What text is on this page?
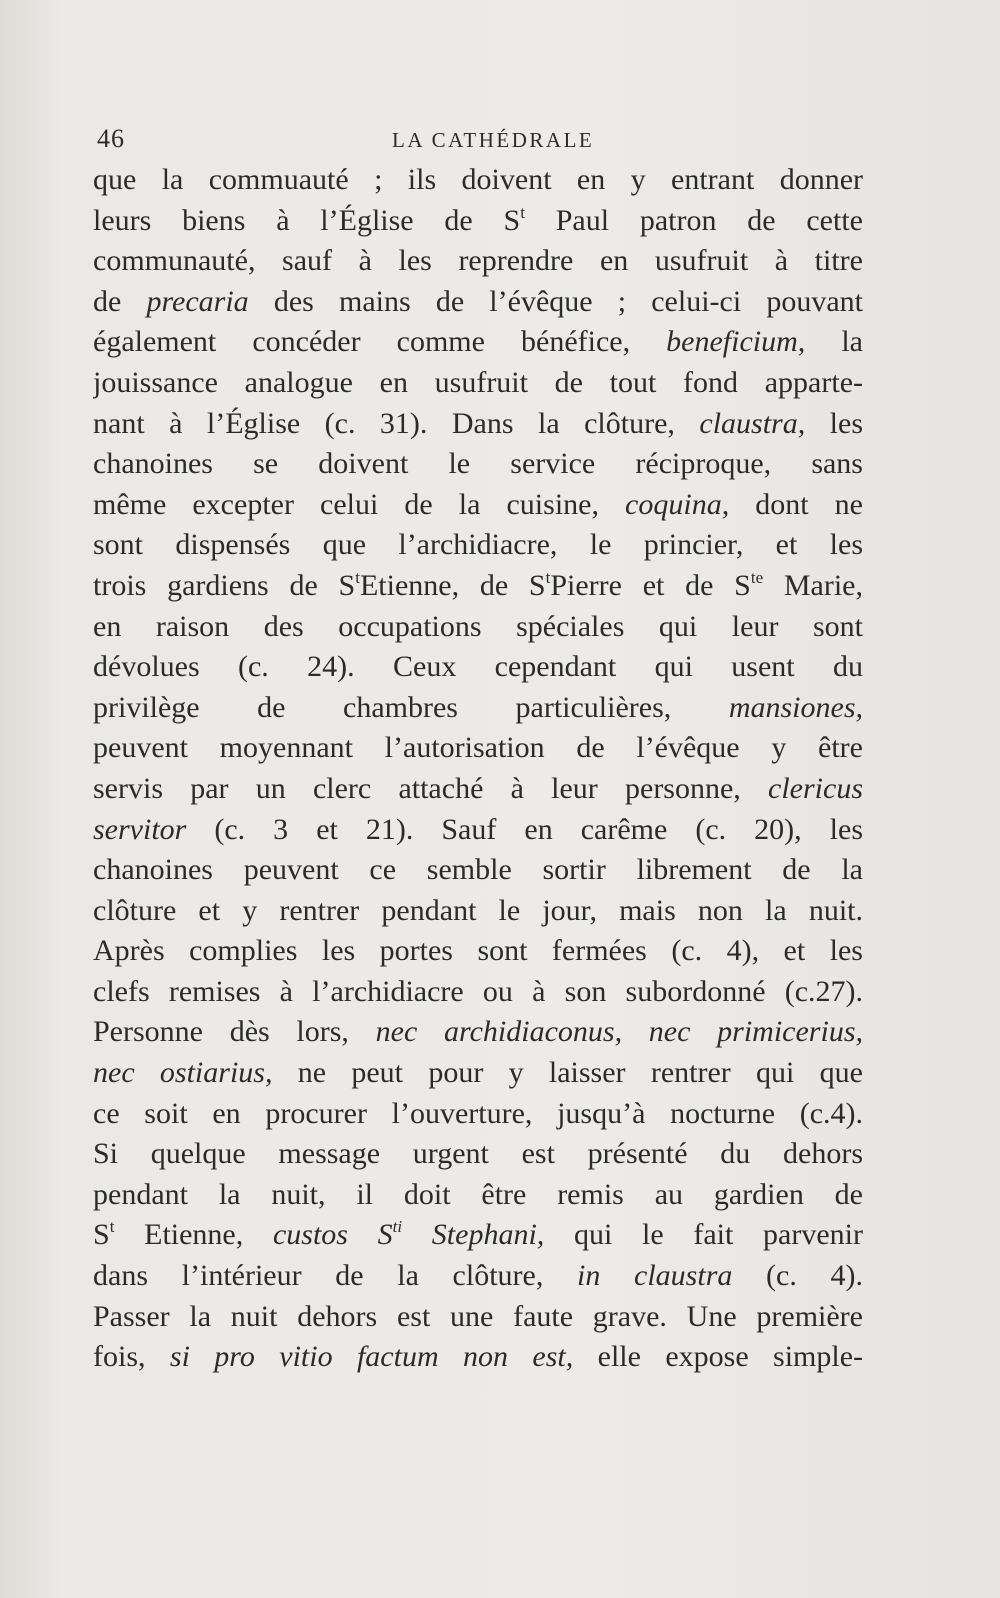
46	LA CATHÉDRALE
que la commuauté ; ils doivent en y entrant donner
leurs biens à l’Église de $S^t$ Paul patron de cette
communauté, sauf à les reprendre en usufruit à titre
de precaria des mains de l’évêque ; celui-ci pouvant
également concéder comme bénéfice, beneficium, la
jouissance analogue en usufruit de tout fond apparte-
nant à l’Église (c. 31). Dans la clôture, claustra, les
chanoines se doivent le service réciproque, sans
même excepter celui de la cuisine, coquina, dont ne
sont dispensés que l’archidiacre, le princier, et les
trois gardiens de $S^tEtienne$, de $S^tPierre$ et de $S^{te}$ Marie,
en raison des occupations spéciales qui leur sont
dévolues (c. 24). Ceux cependant qui usent du
privilège de chambres particulières, mansiones,
peuvent moyennant l’autorisation de l’évêque y être
servis par un clerc attaché à leur personne, clericus
servitor (c. 3 et 21). Sauf en carême (c. 20), les
chanoines peuvent ce semble sortir librement de la
clôture et y rentrer pendant le jour, mais non la nuit.
Après complies les portes sont fermées (c. 4), et les
clefs remises à l’archidiacre ou à son subordonné (c.27).
Personne dès lors, nec archidiaconus, nec primicerius,
nec ostiarius, ne peut pour y laisser rentrer qui que
ce soit en procurer l’ouverture, jusqu’à nocturne (c.4).
Si quelque message urgent est présenté du dehors
pendant la nuit, il doit être remis au gardien de
$S^t$ Etienne, custos $S^{ti}$ Stephani, qui le fait parvenir
dans l’intérieur de la clôture, in claustra (c. 4).
Passer la nuit dehors est une faute grave. Une première
fois, si pro vitio factum non est, elle expose simple-
